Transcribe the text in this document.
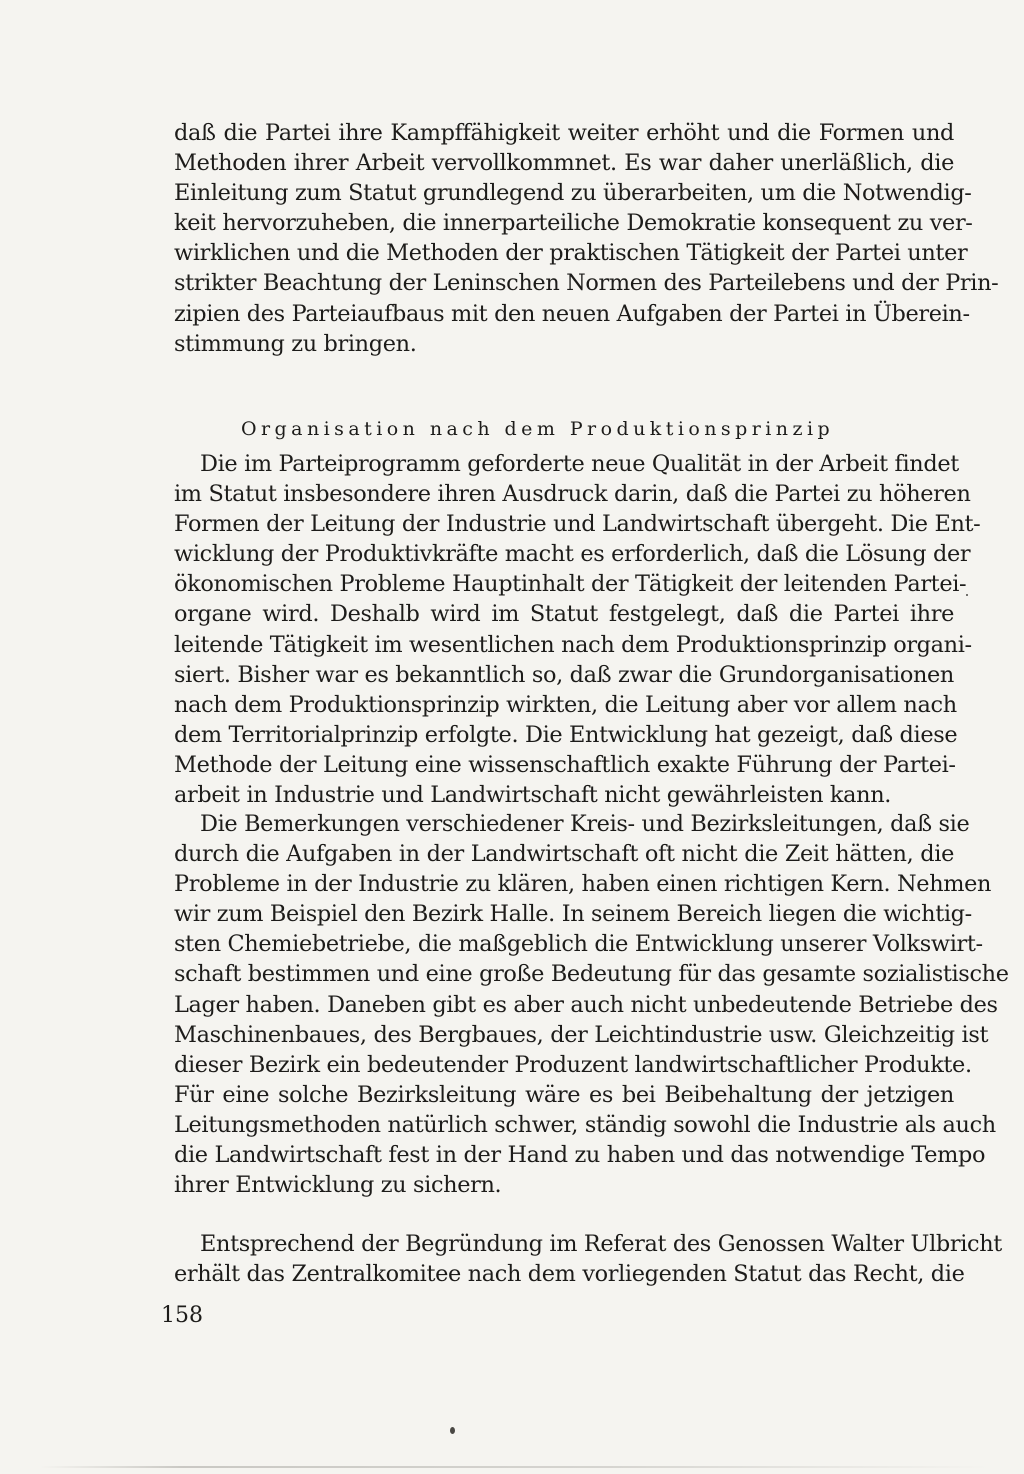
daß die Partei ihre Kampffähigkeit weiter erhöht und die Formen und
Methoden ihrer Arbeit vervollkommnet. Es war daher unerläßlich, die
Einleitung zum Statut grundlegend zu überarbeiten, um die Notwendig-
keit hervorzuheben, die innerparteiliche Demokratie konsequent zu ver-
wirklichen und die Methoden der praktischen Tätigkeit der Partei unter
strikter Beachtung der Leninschen Normen des Parteilebens und der Prin-
zipien des Parteiaufbaus mit den neuen Aufgaben der Partei in Überein-
stimmung zu bringen.
Organisation nach dem Produktionsprinzip
Die im Parteiprogramm geforderte neue Qualität in der Arbeit findet
im Statut insbesondere ihren Ausdruck darin, daß die Partei zu höheren
Formen der Leitung der Industrie und Landwirtschaft übergeht. Die Ent-
wicklung der Produktivkräfte macht es erforderlich, daß die Lösung der
ökonomischen Probleme Hauptinhalt der Tätigkeit der leitenden Partei-
organe wird. Deshalb wird im Statut festgelegt, daß die Partei ihre
leitende Tätigkeit im wesentlichen nach dem Produktionsprinzip organi-
siert. Bisher war es bekanntlich so, daß zwar die Grundorganisationen
nach dem Produktionsprinzip wirkten, die Leitung aber vor allem nach
dem Territorialprinzip erfolgte. Die Entwicklung hat gezeigt, daß diese
Methode der Leitung eine wissenschaftlich exakte Führung der Partei-
arbeit in Industrie und Landwirtschaft nicht gewährleisten kann.
Die Bemerkungen verschiedener Kreis- und Bezirksleitungen, daß sie
durch die Aufgaben in der Landwirtschaft oft nicht die Zeit hätten, die
Probleme in der Industrie zu klären, haben einen richtigen Kern. Nehmen
wir zum Beispiel den Bezirk Halle. In seinem Bereich liegen die wichtig-
sten Chemiebetriebe, die maßgeblich die Entwicklung unserer Volkswirt-
schaft bestimmen und eine große Bedeutung für das gesamte sozialistische
Lager haben. Daneben gibt es aber auch nicht unbedeutende Betriebe des
Maschinenbaues, des Bergbaues, der Leichtindustrie usw. Gleichzeitig ist
dieser Bezirk ein bedeutender Produzent landwirtschaftlicher Produkte.
Für eine solche Bezirksleitung wäre es bei Beibehaltung der jetzigen
Leitungsmethoden natürlich schwer, ständig sowohl die Industrie als auch
die Landwirtschaft fest in der Hand zu haben und das notwendige Tempo
ihrer Entwicklung zu sichern.
Entsprechend der Begründung im Referat des Genossen Walter Ulbricht
erhält das Zentralkomitee nach dem vorliegenden Statut das Recht, die
158
